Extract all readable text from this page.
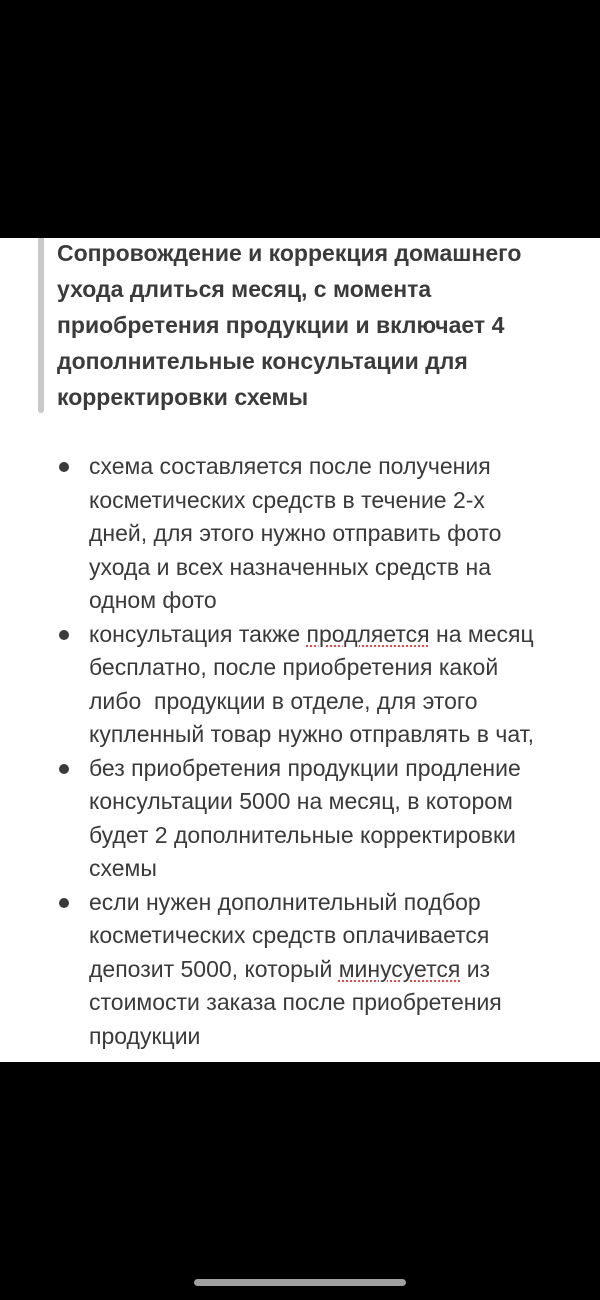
Сопровождение и коррекция домашнего
ухода длиться месяц, с момента
приобретения продукции и включает 4
дополнительные консультации для
корректировки схемы
схема составляется после получения
косметических средств в течение 2-х
дней, для этого нужно отправить фото
ухода и всех назначенных средств на
одном фото
консультация также продляется на месяц
бесплатно, после приобретения какой
либо  продукции в отделе, для этого
купленный товар нужно отправлять в чат,
без приобретения продукции продление
консультации 5000 на месяц, в котором
будет 2 дополнительные корректировки
схемы
если нужен дополнительный подбор
косметических средств оплачивается
депозит 5000, который минусуется из
стоимости заказа после приобретения
продукции
